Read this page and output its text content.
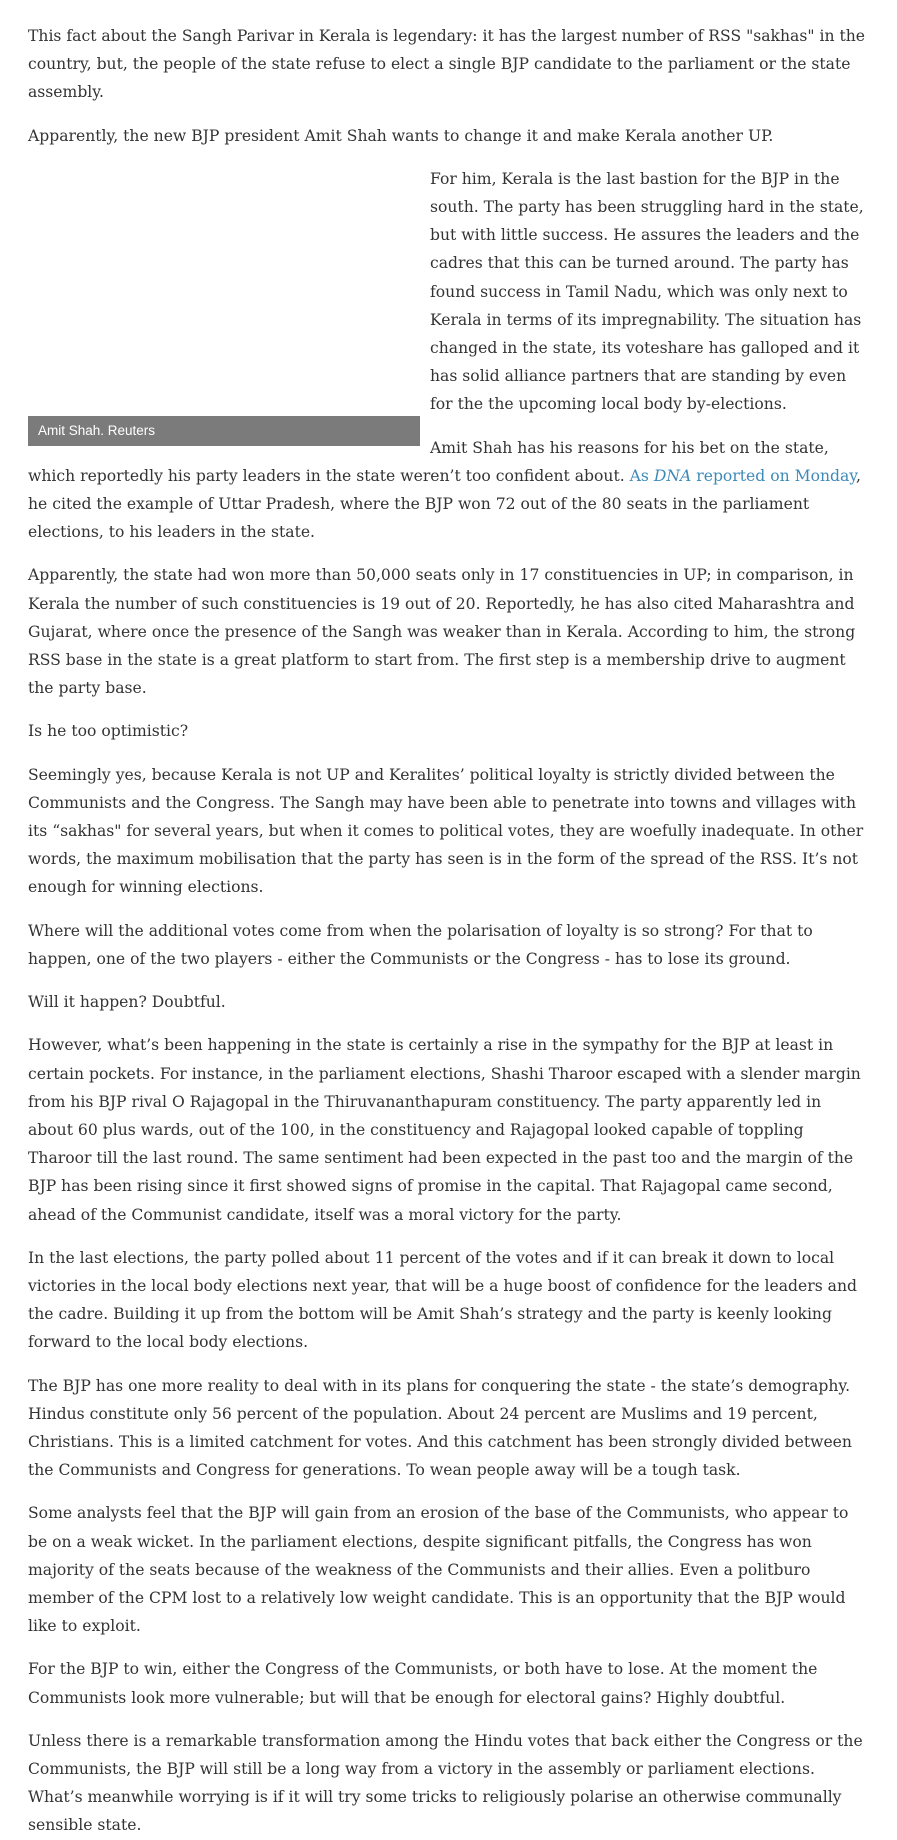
This fact about the Sangh Parivar in Kerala is legendary: it has the largest number of RSS "sakhas" in the country, but, the people of the state refuse to elect a single BJP candidate to the parliament or the state assembly.

Apparently, the new BJP president Amit Shah wants to change it and make Kerala another UP.

Amit Shah. Reuters

For him, Kerala is the last bastion for the BJP in the south. The party has been struggling hard in the state, but with little success. He assures the leaders and the cadres that this can be turned around. The party has found success in Tamil Nadu, which was only next to Kerala in terms of its impregnability. The situation has changed in the state, its voteshare has galloped and it has solid alliance partners that are standing by even for the the upcoming local body by-elections.

Amit Shah has his reasons for his bet on the state, which reportedly his party leaders in the state weren’t too confident about. As DNA reported on Monday, he cited the example of Uttar Pradesh, where the BJP won 72 out of the 80 seats in the parliament elections, to his leaders in the state.

Apparently, the state had won more than 50,000 seats only in 17 constituencies in UP; in comparison, in Kerala the number of such constituencies is 19 out of 20. Reportedly, he has also cited Maharashtra and Gujarat, where once the presence of the Sangh was weaker than in Kerala. According to him, the strong RSS base in the state is a great platform to start from. The first step is a membership drive to augment the party base.

Is he too optimistic?

Seemingly yes, because Kerala is not UP and Keralites’ political loyalty is strictly divided between the Communists and the Congress. The Sangh may have been able to penetrate into towns and villages with its “sakhas" for several years, but when it comes to political votes, they are woefully inadequate. In other words, the maximum mobilisation that the party has seen is in the form of the spread of the RSS. It’s not enough for winning elections.

Where will the additional votes come from when the polarisation of loyalty is so strong? For that to happen, one of the two players - either the Communists or the Congress - has to lose its ground.

Will it happen? Doubtful.

However, what’s been happening in the state is certainly a rise in the sympathy for the BJP at least in certain pockets. For instance, in the parliament elections, Shashi Tharoor escaped with a slender margin from his BJP rival O Rajagopal in the Thiruvananthapuram constituency. The party apparently led in about 60 plus wards, out of the 100, in the constituency and Rajagopal looked capable of toppling Tharoor till the last round. The same sentiment had been expected in the past too and the margin of the BJP has been rising since it first showed signs of promise in the capital. That Rajagopal came second, ahead of the Communist candidate, itself was a moral victory for the party.

In the last elections, the party polled about 11 percent of the votes and if it can break it down to local victories in the local body elections next year, that will be a huge boost of confidence for the leaders and the cadre. Building it up from the bottom will be Amit Shah’s strategy and the party is keenly looking forward to the local body elections.

The BJP has one more reality to deal with in its plans for conquering the state - the state’s demography. Hindus constitute only 56 percent of the population. About 24 percent are Muslims and 19 percent, Christians. This is a limited catchment for votes. And this catchment has been strongly divided between the Communists and Congress for generations. To wean people away will be a tough task.

Some analysts feel that the BJP will gain from an erosion of the base of the Communists, who appear to be on a weak wicket. In the parliament elections, despite significant pitfalls, the Congress has won majority of the seats because of the weakness of the Communists and their allies. Even a politburo member of the CPM lost to a relatively low weight candidate. This is an opportunity that the BJP would like to exploit.

For the BJP to win, either the Congress of the Communists, or both have to lose. At the moment the Communists look more vulnerable; but will that be enough for electoral gains? Highly doubtful.

Unless there is a remarkable transformation among the Hindu votes that back either the Congress or the Communists, the BJP will still be a long way from a victory in the assembly or parliament elections. What’s meanwhile worrying is if it will try some tricks to religiously polarise an otherwise communally sensible state.
